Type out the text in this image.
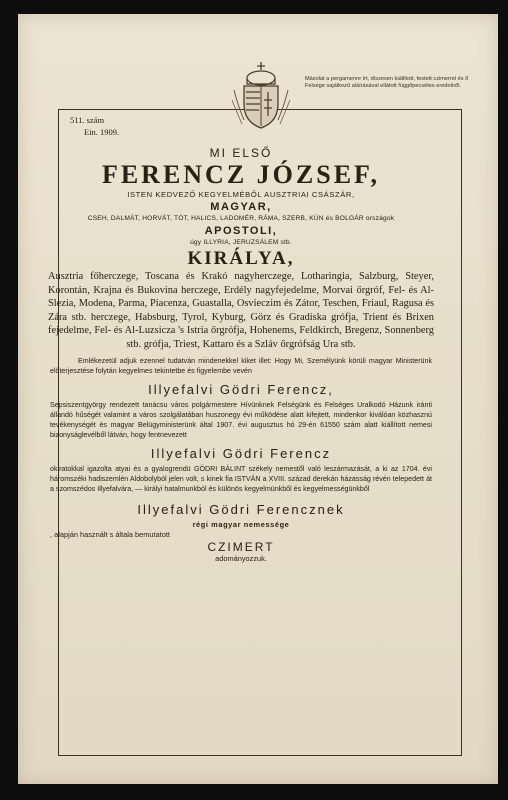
Másolat a pergamenre írt, díszesen kiállított, festett czimerrel és ő Felsége sajátkezű aláírásával ellátott függőpecsétes eredetiről.
511. szám
Ein. 1909.
MI ELSŐ
FERENCZ JÓZSEF,
ISTEN KEDVEZŐ KEGYELMÉBŐL AUSZTRIAI CSÁSZÁR,
MAGYAR,
CSEH, DALMÁT, HORVÁT, TÓT, HALICS, LADOMÉR, RÁMA, SZERB, KÚN és BOLGÁR országok
APOSTOLI,
úgy ILLYRIA, JERUZSÁLEM stb.
KIRÁLYA,
Ausztria főherczege, Toscana és Krakó nagyherczege, Lotharingia, Salzburg, Steyer, Korontán, Krajna és Bukovina herczege, Erdély nagyfejedelme, Morvai őrgróf, Fel- és Al-Slezia, Modena, Parma, Piacenza, Guastalla, Osvieczim és Zátor, Teschen, Friaul, Ragusa és Zára stb. herczege, Habsburg, Tyrol, Kyburg, Görz és Gradiska grófja, Trient és Brixen fejedelme, Fel- és Al-Luzsicza 's Istria őrgrófja, Hohenems, Feldkirch, Bregenz, Sonnenberg stb. grófja, Triest, Kattaro és a Szláv őrgrófság Ura stb.
Emlékezetül adjuk ezennel tudatván mindenekkel kiket illet: Hogy Mi, Személyünk körüli magyar Ministerünk előterjesztése folytán kegyelmes tekintetbe és figyelembe vevén
Illyefalvi Gödri Ferencz,
Sepsiszentgyörgy rendezett tanácsu város polgármestere Hívünknek Felségünk és Felséges Uralkodó Házunk iránti állandó hűségét valamint a város szolgálatában huszonegy évi működése alatt kifejtett, mindenkor kiválóan közhasznú tevékenységét és magyar Belügyministerünk által 1907. évi augusztus hó 29-én 61550 szám alatt kiállított nemesi bizonyságlevélből látván, hogy fentnevezett
Illyefalvi Gödri Ferencz
okiratokkal igazolta atyai és a gyalogrendü GÖDRI BÁLINT székely nemestől való leszármazását, a ki az 1704. évi háromszéki hadiszemlén Aldobolyból jelen volt, s kinek fia ISTVÁN a XVIII. század derekán házasság révén telepedett át a szomszédos Illyefalvára, — királyi hatalmunkból és különös kegyelmünkből és kegyelmességünkből
Illyefalvi Gödri Ferencznek
régi magyar nemessége
, alapján használt s általa bemutatott
CZIMERT
adományozzuk.
